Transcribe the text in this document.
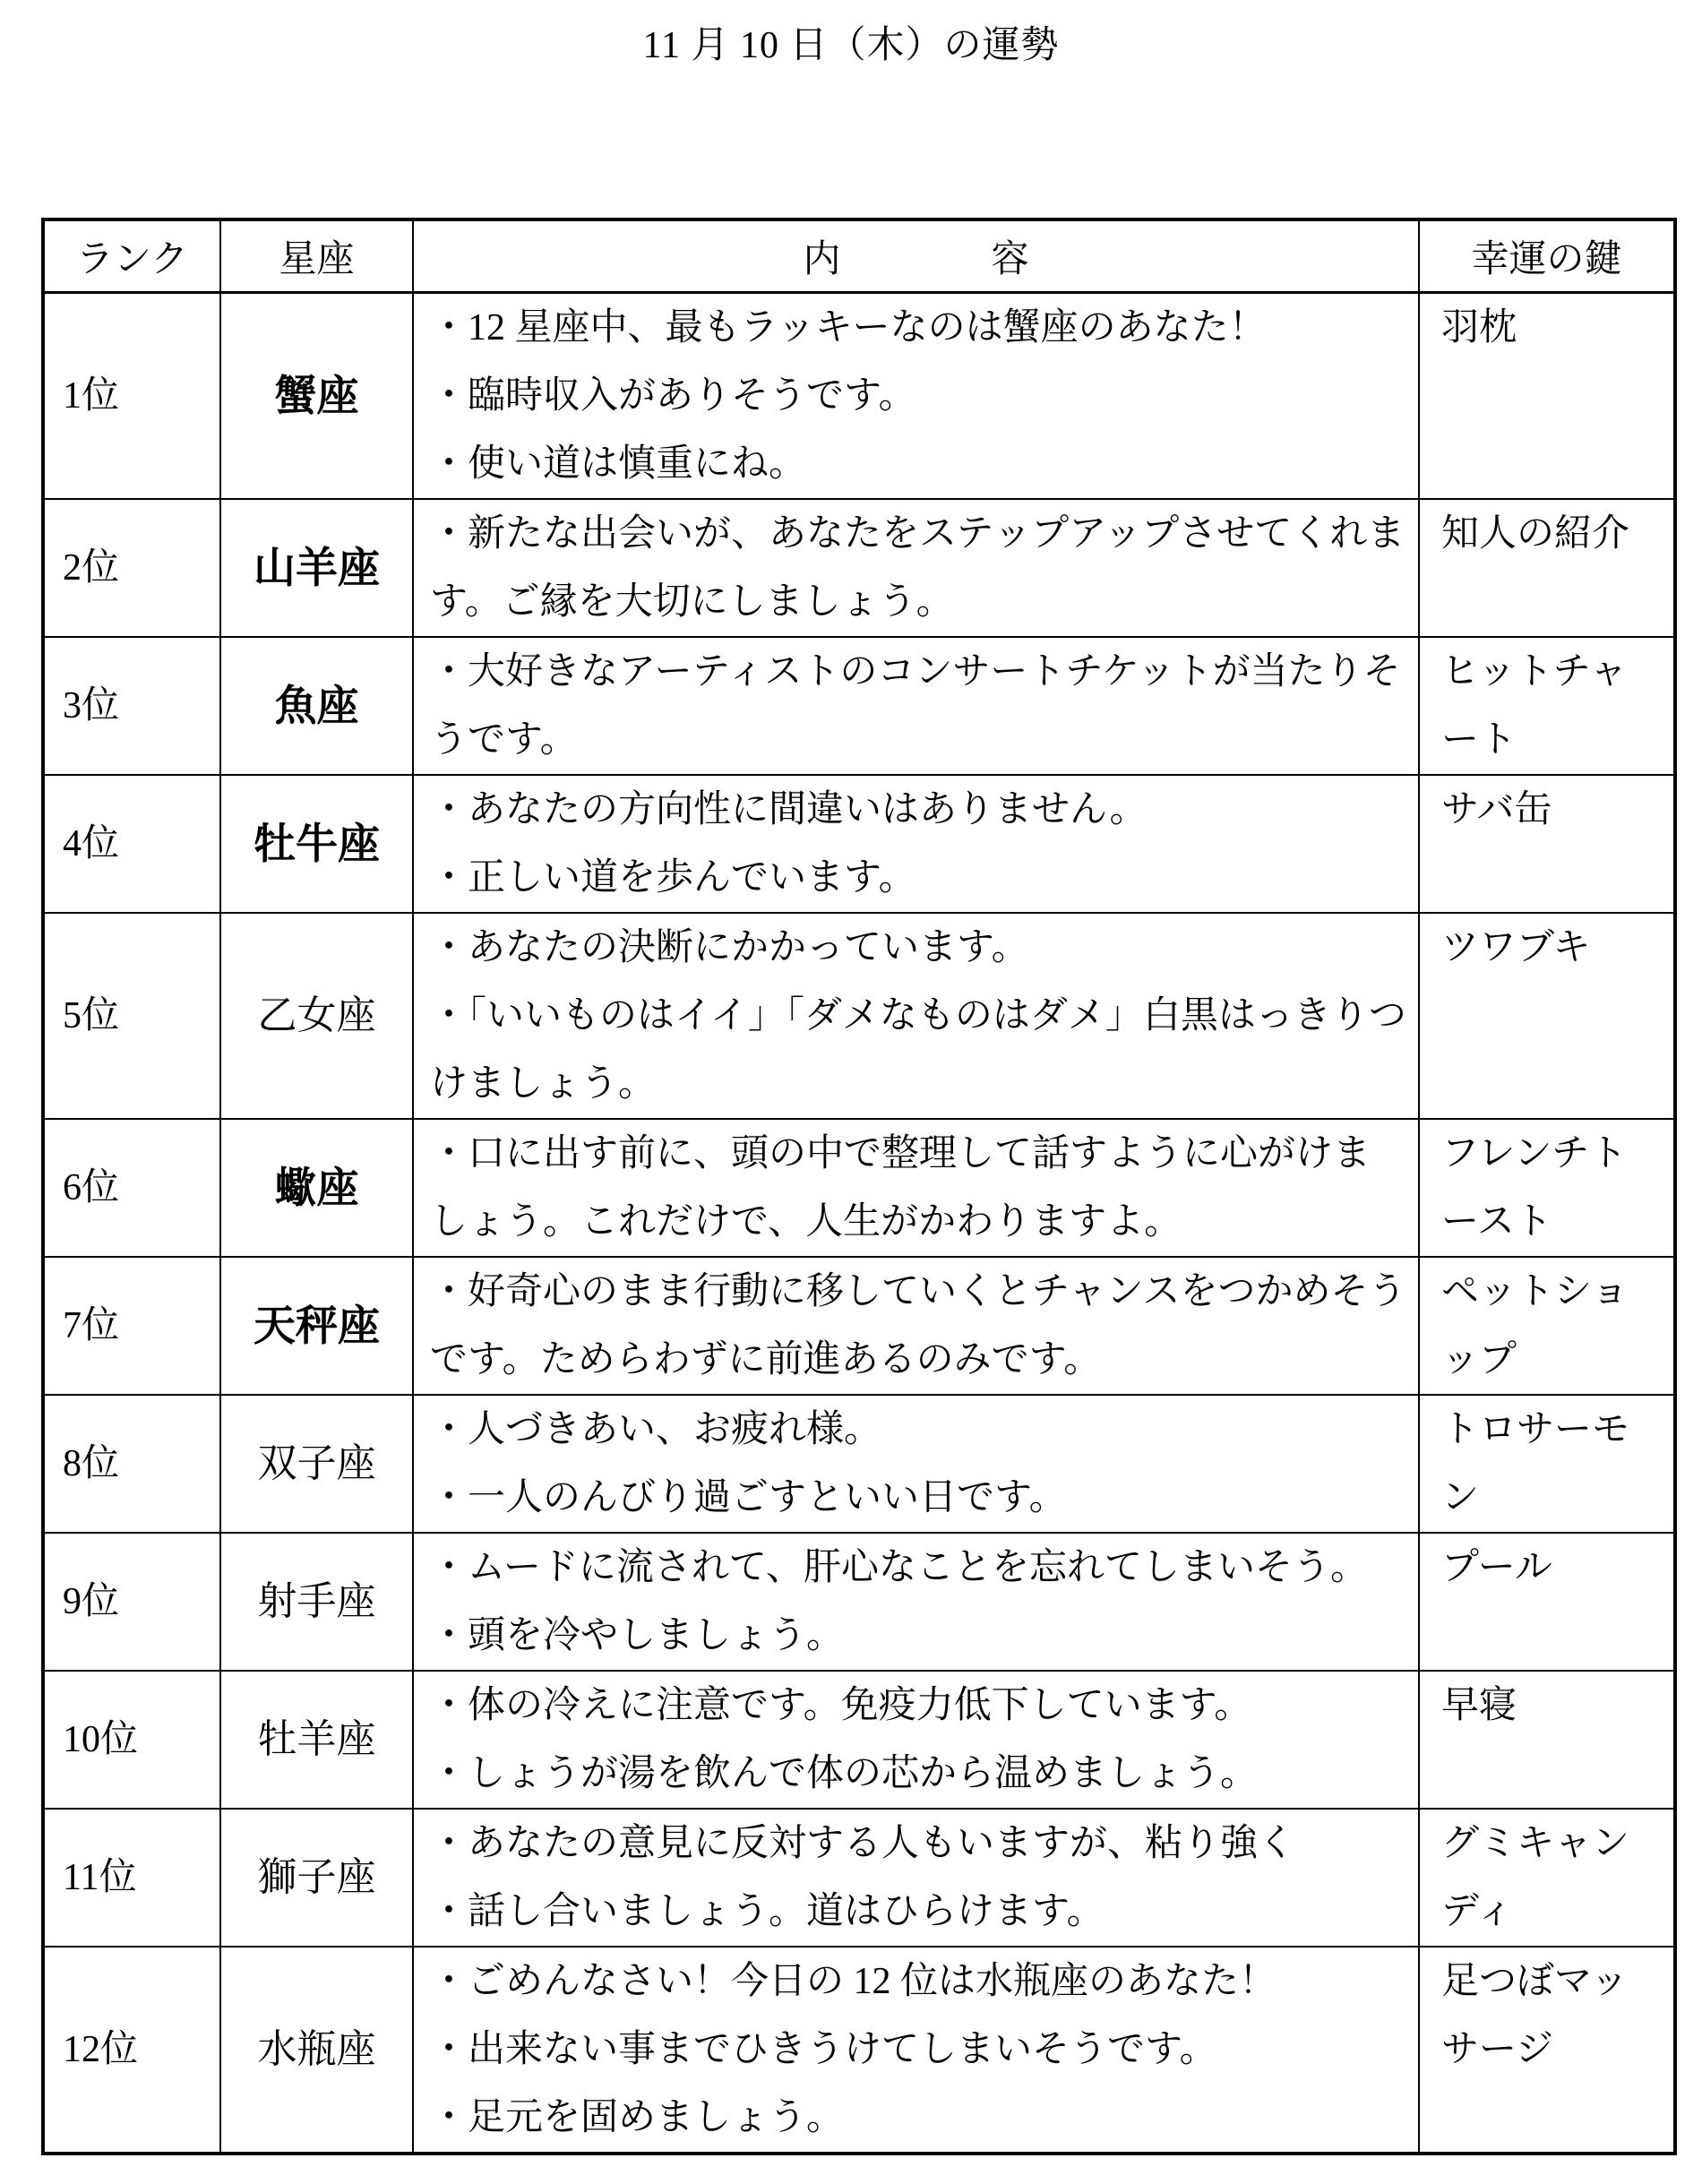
11 月 10 日（木）の運勢
ランク	星座	内　　　　容	幸運の鍵
1位	蟹座	・12 星座中、最もラッキーなのは蟹座のあなた！
・臨時収入がありそうです。
・使い道は慎重にね。	羽枕
2位	山羊座	・新たな出会いが、あなたをステップアップさせてくれます。ご縁を大切にしましょう。	知人の紹介
3位	魚座	・大好きなアーティストのコンサートチケットが当たりそうです。	ヒットチャート
4位	牡牛座	・あなたの方向性に間違いはありません。
・正しい道を歩んでいます。	サバ缶
5位	乙女座	・あなたの決断にかかっています。
・「いいものはイイ」「ダメなものはダメ」白黒はっきりつけましょう。	ツワブキ
6位	蠍座	・口に出す前に、頭の中で整理して話すように心がけましょう。これだけで、人生がかわりますよ。	フレンチトースト
7位	天秤座	・好奇心のまま行動に移していくとチャンスをつかめそうです。ためらわずに前進あるのみです。	ペットショップ
8位	双子座	・人づきあい、お疲れ様。
・一人のんびり過ごすといい日です。	トロサーモン
9位	射手座	・ムードに流されて、肝心なことを忘れてしまいそう。
・頭を冷やしましょう。	プール
10位	牡羊座	・体の冷えに注意です。免疫力低下しています。
・しょうが湯を飲んで体の芯から温めましょう。	早寝
11位	獅子座	・あなたの意見に反対する人もいますが、粘り強く
・話し合いましょう。道はひらけます。	グミキャンディ
12位	水瓶座	・ごめんなさい！今日の 12 位は水瓶座のあなた！
・出来ない事までひきうけてしまいそうです。
・足元を固めましょう。	足つぼマッサージ
